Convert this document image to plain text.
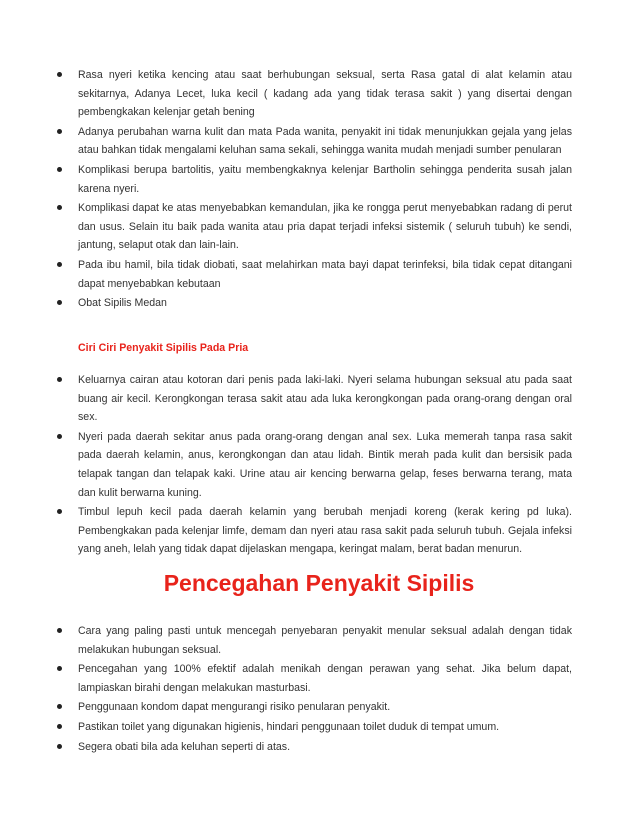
Rasa nyeri ketika kencing atau saat berhubungan seksual, serta Rasa gatal di alat kelamin atau sekitarnya, Adanya Lecet, luka kecil ( kadang ada yang tidak terasa sakit ) yang disertai dengan pembengkakan kelenjar getah bening
Adanya perubahan warna kulit dan mata Pada wanita, penyakit ini tidak menunjukkan gejala yang jelas atau bahkan tidak mengalami keluhan sama sekali, sehingga wanita mudah menjadi sumber penularan
Komplikasi berupa bartolitis, yaitu membengkaknya kelenjar Bartholin sehingga penderita susah jalan karena nyeri.
Komplikasi dapat ke atas menyebabkan kemandulan, jika ke rongga perut menyebabkan radang di perut dan usus. Selain itu baik pada wanita atau pria dapat terjadi infeksi sistemik ( seluruh tubuh) ke sendi, jantung, selaput otak dan lain-lain.
Pada ibu hamil, bila tidak diobati, saat melahirkan mata bayi dapat terinfeksi, bila tidak cepat ditangani dapat menyebabkan kebutaan
Obat Sipilis Medan
Ciri Ciri Penyakit Sipilis Pada Pria
Keluarnya cairan atau kotoran dari penis pada laki-laki. Nyeri selama hubungan seksual atu pada saat buang air kecil. Kerongkongan terasa sakit atau ada luka kerongkongan pada orang-orang dengan oral sex.
Nyeri pada daerah sekitar anus pada orang-orang dengan anal sex. Luka memerah tanpa rasa sakit pada daerah kelamin, anus, kerongkongan dan atau lidah. Bintik merah pada kulit dan bersisik pada telapak tangan dan telapak kaki. Urine atau air kencing berwarna gelap, feses berwarna terang, mata dan kulit berwarna kuning.
Timbul lepuh kecil pada daerah kelamin yang berubah menjadi koreng (kerak kering pd luka). Pembengkakan pada kelenjar limfe, demam dan nyeri atau rasa sakit pada seluruh tubuh. Gejala infeksi yang aneh, lelah yang tidak dapat dijelaskan mengapa, keringat malam, berat badan menurun.
Pencegahan Penyakit Sipilis
Cara yang paling pasti untuk mencegah penyebaran penyakit menular seksual adalah dengan tidak melakukan hubungan seksual.
Pencegahan yang 100% efektif adalah menikah dengan perawan yang sehat. Jika belum dapat, lampiaskan birahi dengan melakukan masturbasi.
Penggunaan kondom dapat mengurangi risiko penularan penyakit.
Pastikan toilet yang digunakan higienis, hindari penggunaan toilet duduk di tempat umum.
Segera obati bila ada keluhan seperti di atas.
